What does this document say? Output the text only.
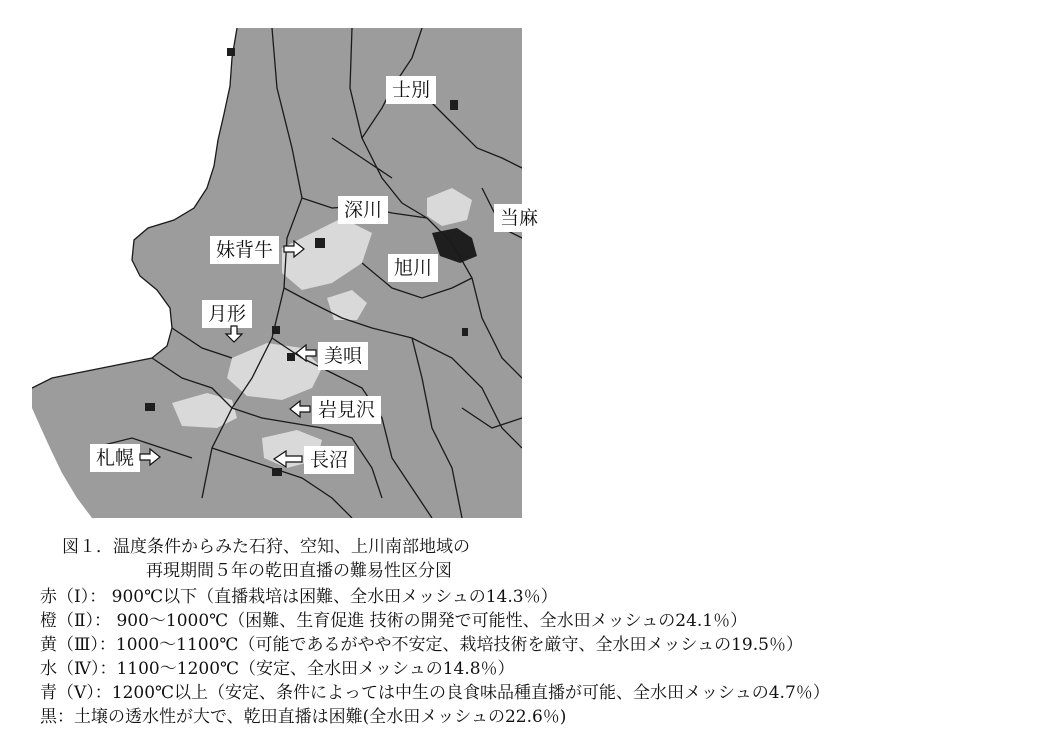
士別
深川	当麻
妹背牛
旭川
月形
美唄
岩見沢
札幌	長沼
図１．温度条件からみた石狩、空知、上川南部地域の
再現期間５年の乾田直播の難易性区分図
赤（Ⅰ）： 900℃以下（直播栽培は困難、全水田メッシュの14.3％）
橙（Ⅱ）： 900～1000℃（困難、生育促進 技術の開発で可能性、全水田メッシュの24.1％）
黄（Ⅲ）：1000～1100℃（可能であるがやや不安定、栽培技術を厳守、全水田メッシュの19.5％）
水（Ⅳ）：1100～1200℃（安定、全水田メッシュの14.8％）
青（Ⅴ）：1200℃以上（安定、条件によっては中生の良食味品種直播が可能、全水田メッシュの4.7％）
黒：土壌の透水性が大で、乾田直播は困難(全水田メッシュの22.6％)
